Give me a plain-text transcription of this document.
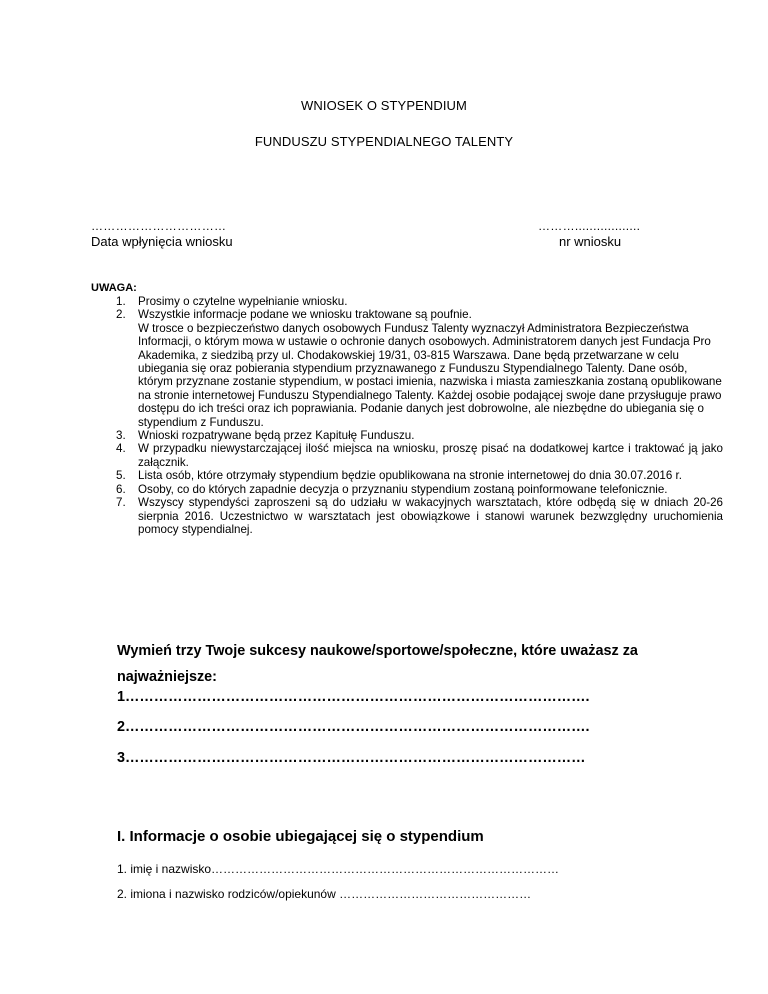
WNIOSEK O STYPENDIUM
FUNDUSZU STYPENDIALNEGO TALENTY
……………………………
Data wpłynięcia wniosku
………..................
nr wniosku
UWAGA:
Prosimy o czytelne wypełnianie wniosku.
Wszystkie informacje podane we wniosku traktowane są poufnie.
W trosce o bezpieczeństwo danych osobowych Fundusz Talenty wyznaczył Administratora Bezpieczeństwa Informacji, o którym mowa w ustawie o ochronie danych osobowych. Administratorem danych jest Fundacja Pro Akademika, z siedzibą przy ul. Chodakowskiej 19/31, 03-815 Warszawa. Dane będą przetwarzane w celu ubiegania się oraz pobierania stypendium przyznawanego z Funduszu Stypendialnego Talenty. Dane osób, którym przyznane zostanie stypendium, w postaci imienia, nazwiska i miasta zamieszkania zostaną opublikowane na stronie internetowej Funduszu Stypendialnego Talenty. Każdej osobie podającej swoje dane przysługuje prawo dostępu do ich treści oraz ich poprawiania. Podanie danych jest dobrowolne, ale niezbędne do ubiegania się o stypendium z Funduszu.
Wnioski rozpatrywane będą przez Kapitułę Funduszu.
W przypadku niewystarczającej ilość miejsca na wniosku, proszę pisać na dodatkowej kartce i traktować ją jako załącznik.
Lista osób, które otrzymały stypendium będzie opublikowana na stronie internetowej do dnia 30.07.2016 r.
Osoby, co do których zapadnie decyzja o przyznaniu stypendium zostaną poinformowane telefonicznie.
Wszyscy stypendyści zaproszeni są do udziału w wakacyjnych warsztatach, które odbędą się w dniach 20-26 sierpnia 2016. Uczestnictwo w warsztatach jest obowiązkowe i stanowi warunek bezwzględny uruchomienia pomocy stypendialnej.
Wymień trzy Twoje sukcesy naukowe/sportowe/społeczne, które uważasz za najważniejsze:
1…………………………………………………………………………………….
2…………………………………………………………………………………….
3……………………………………………………………………………………
I. Informacje o osobie ubiegającej się o stypendium
1. imię i nazwisko……………………………………………………………………………
2. imiona i nazwisko rodziców/opiekunów …………………………………………
